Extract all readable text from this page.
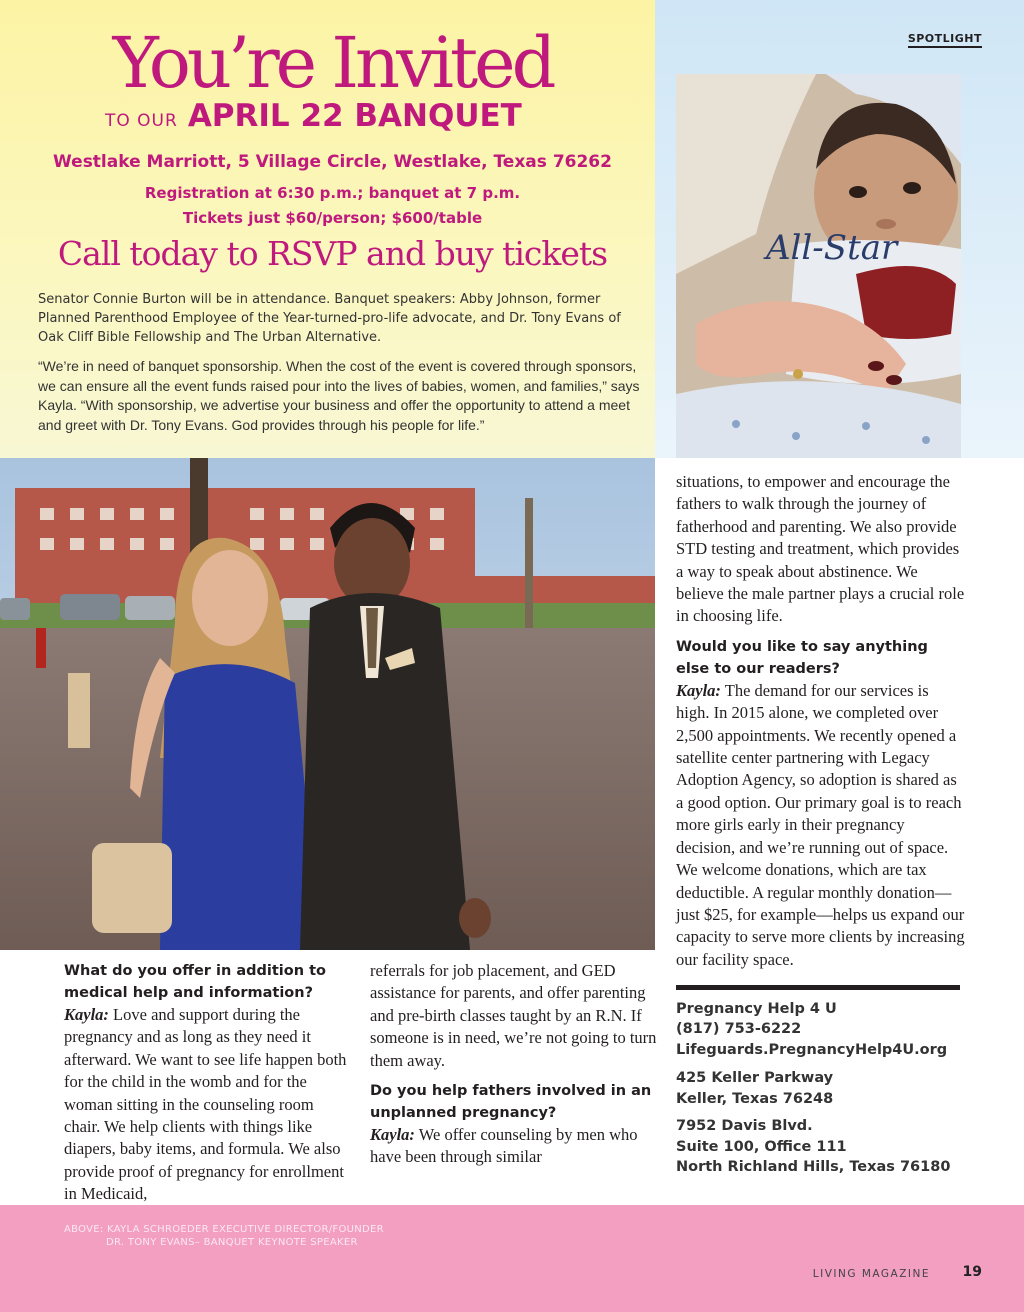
SPOTLIGHT
You’re Invited
TO OUR APRIL 22 BANQUET
Westlake Marriott, 5 Village Circle, Westlake, Texas 76262
Registration at 6:30 p.m.; banquet at 7 p.m.
Tickets just $60/person; $600/table
Call today to RSVP and buy tickets
Senator Connie Burton will be in attendance. Banquet speakers: Abby Johnson, former Planned Parenthood Employee of the Year-turned-pro-life advocate, and Dr. Tony Evans of Oak Cliff Bible Fellowship and The Urban Alternative.
“We’re in need of banquet sponsorship. When the cost of the event is covered through sponsors, we can ensure all the event funds raised pour into the lives of babies, women, and families,” says Kayla. “With sponsorship, we advertise your business and offer the opportunity to attend a meet and greet with Dr. Tony Evans. God provides through his people for life.”
All-Star
situations, to empower and encourage the fathers to walk through the journey of fatherhood and parenting. We also provide STD testing and treatment, which provides a way to speak about abstinence. We believe the male partner plays a crucial role in choosing life.
Would you like to say anything else to our readers?
Kayla: The demand for our services is high. In 2015 alone, we completed over 2,500 appointments. We recently opened a satellite center partnering with Legacy Adoption Agency, so adoption is shared as a good option. Our primary goal is to reach more girls early in their pregnancy decision, and we’re running out of space. We welcome donations, which are tax deductible. A regular monthly donation—just $25, for example—helps us expand our capacity to serve more clients by increasing our facility space.
Pregnancy Help 4 U
(817) 753-6222
Lifeguards.PregnancyHelp4U.org
425 Keller Parkway
Keller, Texas 76248
7952 Davis Blvd.
Suite 100, Office 111
North Richland Hills, Texas 76180
What do you offer in addition to medical help and information?
Kayla: Love and support during the pregnancy and as long as they need it afterward. We want to see life happen both for the child in the womb and for the woman sitting in the counseling room chair. We help clients with things like diapers, baby items, and formula. We also provide proof of pregnancy for enrollment in Medicaid,
referrals for job placement, and GED assistance for parents, and offer parenting and pre-birth classes taught by an R.N. If someone is in need, we’re not going to turn them away.
Do you help fathers involved in an unplanned pregnancy?
Kayla: We offer counseling by men who have been through similar
ABOVE: KAYLA SCHROEDER EXECUTIVE DIRECTOR/FOUNDER
DR. TONY EVANS– BANQUET KEYNOTE SPEAKER
LIVING MAGAZINE 19
